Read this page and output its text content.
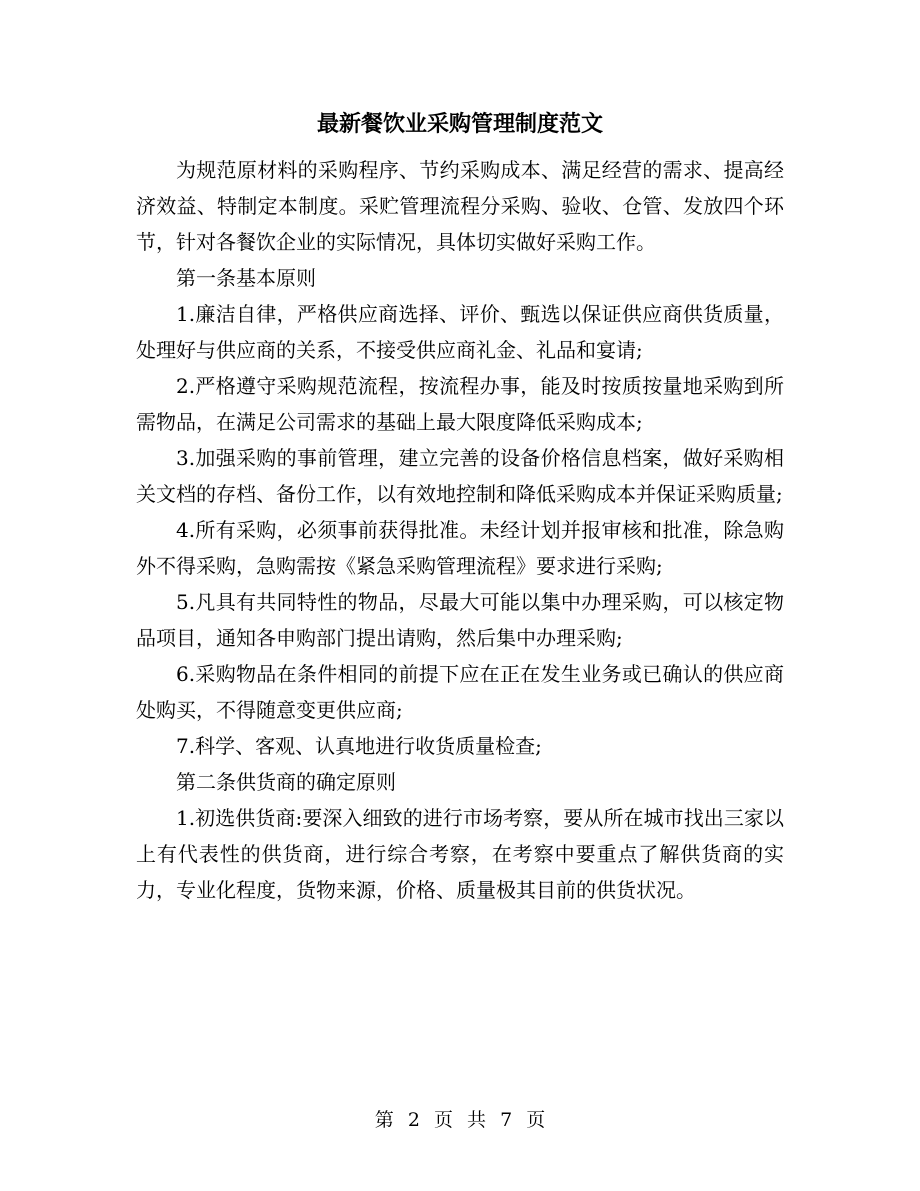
最新餐饮业采购管理制度范文

为规范原材料的采购程序、节约采购成本、满足经营的需求、提高经济效益、特制定本制度。采贮管理流程分采购、验收、仓管、发放四个环节，针对各餐饮企业的实际情况，具体切实做好采购工作。

第一条基本原则

1.廉洁自律，严格供应商选择、评价、甄选以保证供应商供货质量，处理好与供应商的关系，不接受供应商礼金、礼品和宴请;

2.严格遵守采购规范流程，按流程办事，能及时按质按量地采购到所需物品，在满足公司需求的基础上最大限度降低采购成本;

3.加强采购的事前管理，建立完善的设备价格信息档案，做好采购相关文档的存档、备份工作，以有效地控制和降低采购成本并保证采购质量;

4.所有采购，必须事前获得批准。未经计划并报审核和批准，除急购外不得采购，急购需按《紧急采购管理流程》要求进行采购;

5.凡具有共同特性的物品，尽最大可能以集中办理采购，可以核定物品项目，通知各申购部门提出请购，然后集中办理采购;

6.采购物品在条件相同的前提下应在正在发生业务或已确认的供应商处购买，不得随意变更供应商;

7.科学、客观、认真地进行收货质量检查;

第二条供货商的确定原则

1.初选供货商:要深入细致的进行市场考察，要从所在城市找出三家以上有代表性的供货商，进行综合考察，在考察中要重点了解供货商的实力，专业化程度，货物来源，价格、质量极其目前的供货状况。

第 2 页 共 7 页
